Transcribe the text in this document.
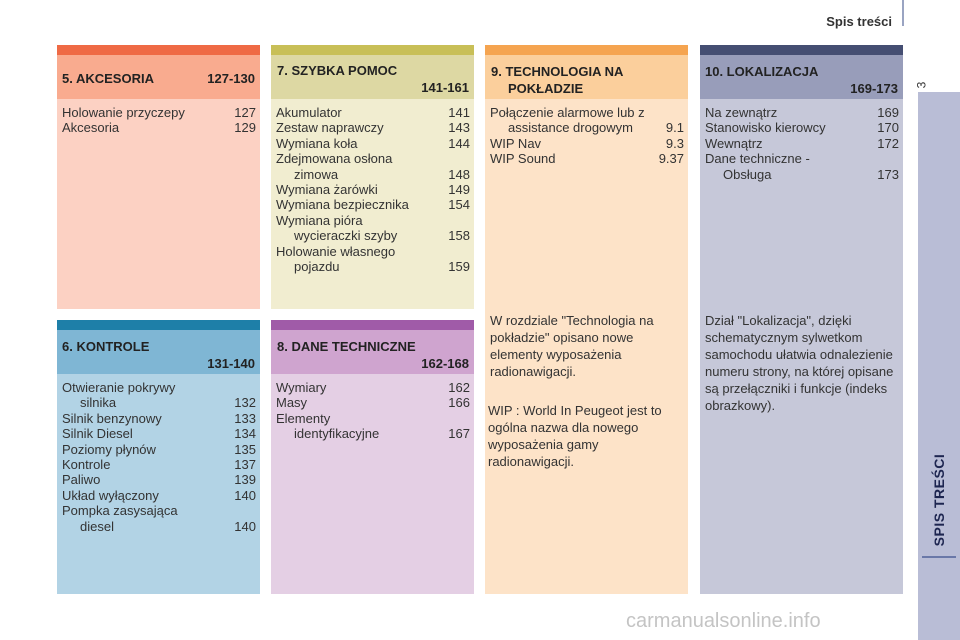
Spis treści
3
SPIS TREŚCI
5. AKCESORIA	127-130
Holowanie przyczepy	127
Akcesoria	129
7. SZYBKA POMOC
141-161
Akumulator	141
Zestaw naprawczy	143
Wymiana koła	144
Zdejmowana osłona
zimowa	148
Wymiana żarówki	149
Wymiana bezpiecznika	154
Wymiana pióra
wycieraczki szyby	158
Holowanie własnego
pojazdu	159
9. TECHNOLOGIA NA
POKŁADZIE
Połączenie alarmowe lub z
assistance drogowym	9.1
WIP Nav	9.3
WIP Sound	9.37

W rozdziale "Technologia na pokładzie" opisano nowe elementy wyposażenia radionawigacji.

WIP : World In Peugeot jest to ogólna nazwa dla nowego wyposażenia gamy radionawigacji.

10. LOKALIZACJA
169-173
Na zewnątrz	169
Stanowisko kierowcy	170
Wewnątrz	172
Dane techniczne -
Obsługa	173

Dział "Lokalizacja", dzięki schematycznym sylwetkom samochodu ułatwia odnalezienie numeru strony, na której opisane są przełączniki i funkcje (indeks obrazkowy).

6. KONTROLE
131-140
Otwieranie pokrywy
silnika	132
Silnik benzynowy	133
Silnik Diesel	134
Poziomy płynów	135
Kontrole	137
Paliwo	139
Układ wyłączony	140
Pompka zasysająca
diesel	140
8. DANE TECHNICZNE
162-168
Wymiary	162
Masy	166
Elementy
identyfikacyjne	167
carmanualsonline.info
